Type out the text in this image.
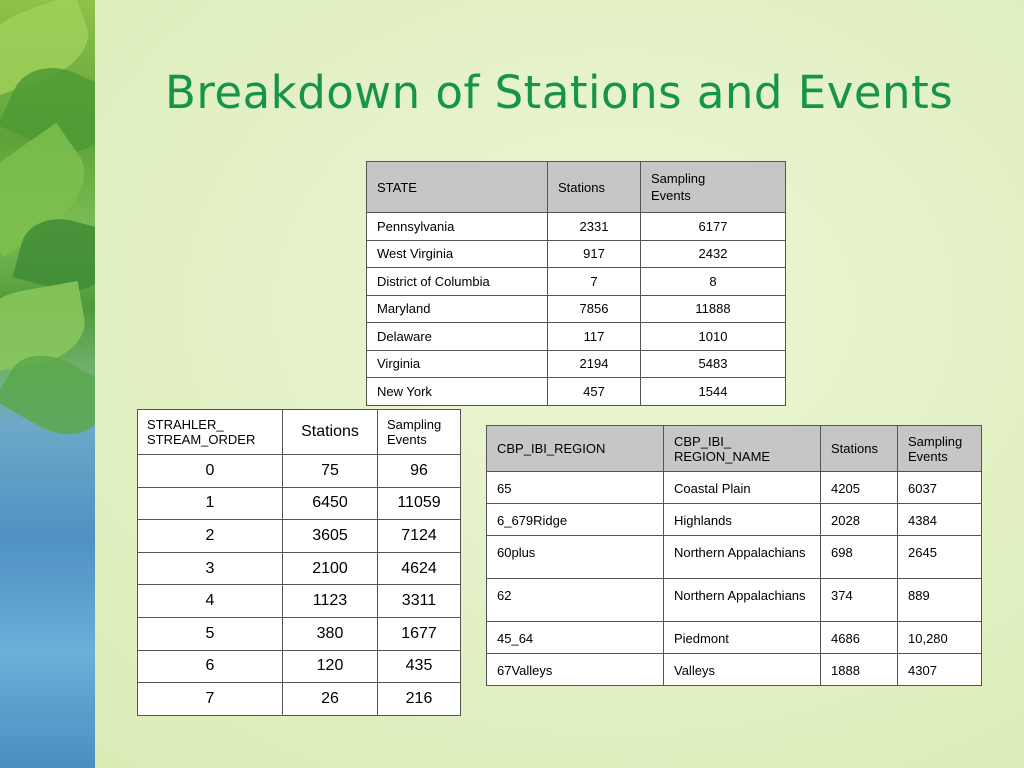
Breakdown of Stations and Events
STATE	Stations	Sampling
Events
Pennsylvania	2331	6177
West Virginia	917	2432
District of Columbia	7	8
Maryland	7856	11888
Delaware	117	1010
Virginia	2194	5483
New York	457	1544
STRAHLER_ STREAM_ORDER	Stations	Sampling Events
0	75	96
1	6450	11059
2	3605	7124
3	2100	4624
4	1123	3311
5	380	1677
6	120	435
7	26	216
CBP_IBI_REGION	CBP_IBI_ REGION_NAME	Stations	Sampling Events
65	Coastal Plain	4205	6037
6_679Ridge	Highlands	2028	4384
60plus	Northern Appalachians	698	2645
62	Northern Appalachians	374	889
45_64	Piedmont	4686	10,280
67Valleys	Valleys	1888	4307
